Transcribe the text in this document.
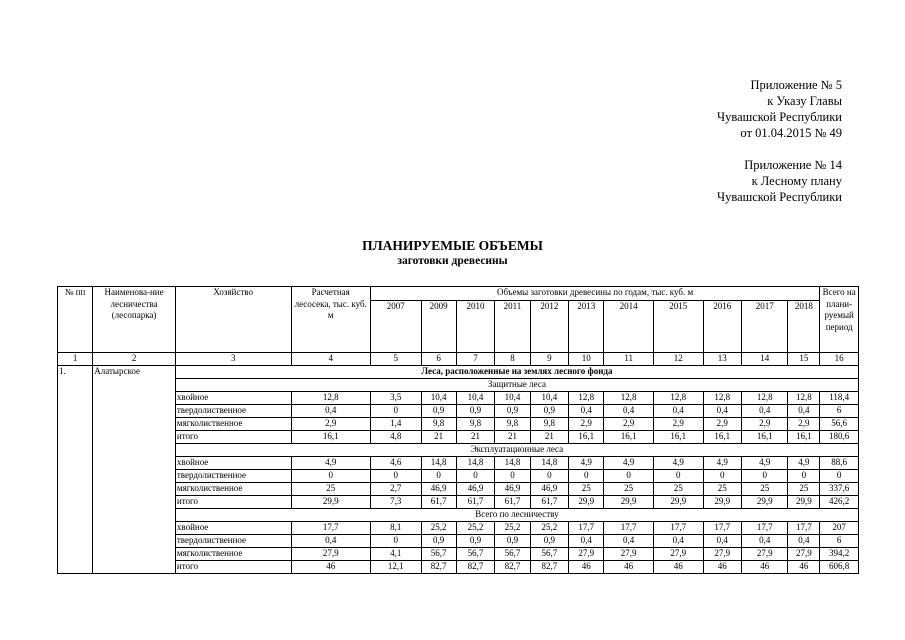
Приложение № 5
к Указу Главы
Чувашской Республики
от 01.04.2015 № 49
Приложение № 14
к Лесному плану
Чувашской Республики
ПЛАНИРУЕМЫЕ ОБЪЕМЫ
заготовки древесины
№ пп	Наименова-ние лесничества (лесопарка)	Хозяйство	Расчетная лесосека, тыс. куб. м	Объемы заготовки древесины по годам, тыс. куб. м											Всего на плани-руемый период
				2007	2009	2010	2011	2012	2013	2014	2015	2016	2017	2018	
1	2	3	4	5	6	7	8	9	10	11	12	13	14	15	16
1.	Алатырское	Леса, расположенные на землях лесного фонда													
		Защитные леса													
		хвойное	12,8	3,5	10,4	10,4	10,4	10,4	12,8	12,8	12,8	12,8	12,8	12,8	118,4
		твердолиственное	0,4	0	0,9	0,9	0,9	0,9	0,4	0,4	0,4	0,4	0,4	0,4	6
		мягколиственное	2,9	1,4	9,8	9,8	9,8	9,8	2,9	2,9	2,9	2,9	2,9	2,9	56,6
		итого	16,1	4,8	21	21	21	21	16,1	16,1	16,1	16,1	16,1	16,1	180,6
		Эксплуатационные леса													
		хвойное	4,9	4,6	14,8	14,8	14,8	14,8	4,9	4,9	4,9	4,9	4,9	4,9	88,6
		твердолиственное	0	0	0	0	0	0	0	0	0	0	0	0	0
		мягколиственное	25	2,7	46,9	46,9	46,9	46,9	25	25	25	25	25	25	337,6
		итого	29,9	7,3	61,7	61,7	61,7	61,7	29,9	29,9	29,9	29,9	29,9	29,9	426,2
		Всего по лесничеству													
		хвойное	17,7	8,1	25,2	25,2	25,2	25,2	17,7	17,7	17,7	17,7	17,7	17,7	207
		твердолиственное	0,4	0	0,9	0,9	0,9	0,9	0,4	0,4	0,4	0,4	0,4	0,4	6
		мягколиственное	27,9	4,1	56,7	56,7	56,7	56,7	27,9	27,9	27,9	27,9	27,9	27,9	394,2
		итого	46	12,1	82,7	82,7	82,7	82,7	46	46	46	46	46	46	606,8
